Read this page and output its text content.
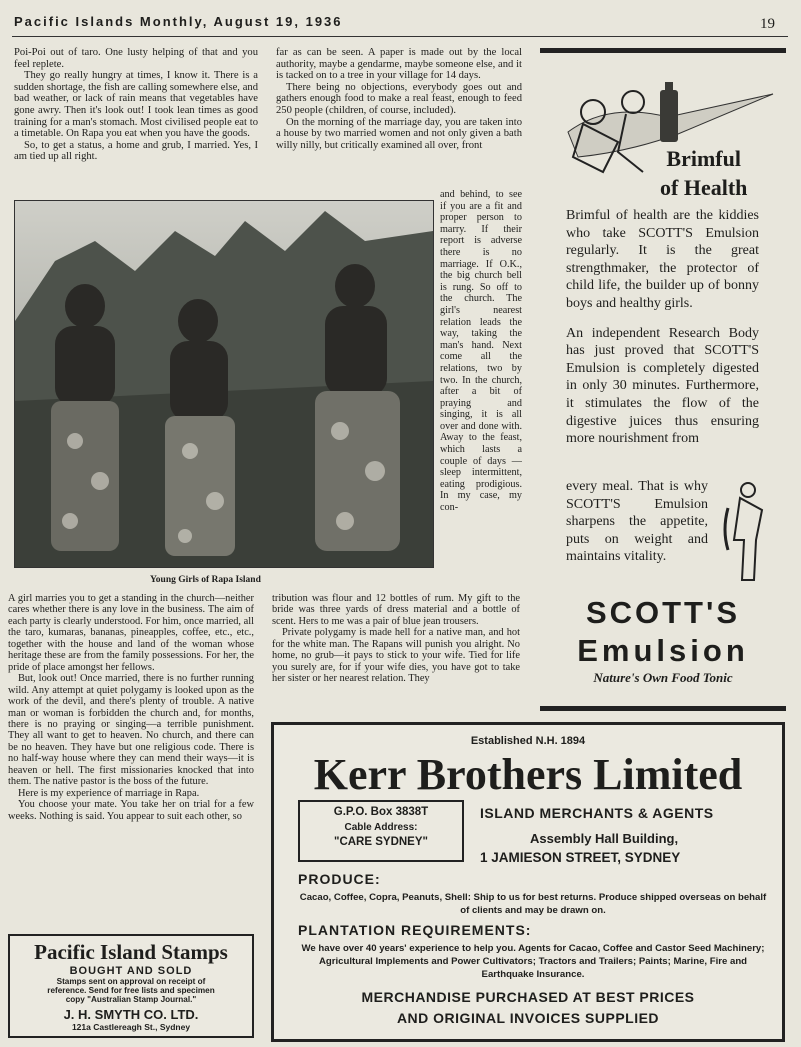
Pacific Islands Monthly, August 19, 1936	19

Poi-Poi out of taro. One lusty helping of that and you feel replete.

They go really hungry at times, I know it. There is a sudden shortage, the fish are calling somewhere else, and bad weather, or lack of rain means that vegetables have gone awry. Then it's look out! I took lean times as good training for a man's stomach. Most civilised people eat to a timetable. On Rapa you eat when you have the goods.

So, to get a status, a home and grub, I married. Yes, I am tied up all right.

far as can be seen. A paper is made out by the local authority, maybe a gendarme, maybe someone else, and it is tacked on to a tree in your village for 14 days.

There being no objections, everybody goes out and gathers enough food to make a real feast, enough to feed 250 people (children, of course, included).

On the morning of the marriage day, you are taken into a house by two married women and not only given a bath willy nilly, but critically examined all over, front

and behind, to see if you are a fit and proper person to marry. If their report is adverse there is no marriage. If O.K., the big church bell is rung. So off to the church. The girl's nearest relation leads the way, taking the man's hand. Next come all the relations, two by two. In the church, after a bit of praying and singing, it is all over and done with. Away to the feast, which lasts a couple of days — sleep intermittent, eating prodigious. In my case, my con-

Young Girls of Rapa Island

A girl marries you to get a standing in the church—neither cares whether there is any love in the business. The aim of each party is clearly understood. For him, once married, all the taro, kumaras, bananas, pineapples, coffee, etc., etc., together with the house and land of the woman whose heritage these are from the family possessions. For her, the pride of place amongst her fellows.

But, look out! Once married, there is no further running wild. Any attempt at quiet polygamy is looked upon as the work of the devil, and there's plenty of trouble. A native man or woman is forbidden the church and, for months, there is no praying or singing—a terrible punishment. They all want to get to heaven. No church, and there can be no heaven. They have but one religious code. There is no half-way house where they can mend their ways—it is heaven or hell. The first missionaries knocked that into them. The native pastor is the boss of the future.

Here is my experience of marriage in Rapa.

You choose your mate. You take her on trial for a few weeks. Nothing is said. You appear to suit each other, so

tribution was flour and 12 bottles of rum. My gift to the bride was three yards of dress material and a bottle of scent. Hers to me was a pair of blue jean trousers.

Private polygamy is made hell for a native man, and hot for the white man. The Rapans will punish you alright. No home, no grub—it pays to stick to your wife. Tied for life you surely are, for if your wife dies, you have got to take her sister or her nearest relation. They

Pacific Island Stamps
BOUGHT AND SOLD
Stamps sent on approval on receipt of
reference. Send for free lists and specimen
copy "Australian Stamp Journal."
J. H. SMYTH CO. LTD.
121a Castlereagh St., Sydney
Brimful
of Health

Brimful of health are the kiddies who take SCOTT'S Emulsion regularly. It is the great strengthmaker, the protector of child life, the builder up of bonny boys and healthy girls.

An independent Research Body has just proved that SCOTT'S Emulsion is completely digested in only 30 minutes. Furthermore, it stimulates the flow of the digestive juices thus ensuring more nourishment from

every meal. That is why SCOTT'S Emulsion sharpens the appetite, puts on weight and maintains vitality.

SCOTT'S
Emulsion
Nature's Own Food Tonic
Established N.H. 1894
Kerr Brothers Limited
G.P.O. Box 3838T
Cable Address:
"CARE SYDNEY"
ISLAND MERCHANTS & AGENTS
Assembly Hall Building,
1 JAMIESON STREET, SYDNEY
PRODUCE:
Cacao, Coffee, Copra, Peanuts, Shell: Ship to us for best returns. Produce shipped overseas on behalf of clients and may be drawn on.
PLANTATION REQUIREMENTS:
We have over 40 years' experience to help you. Agents for Cacao, Coffee and Castor Seed Machinery; Agricultural Implements and Power Cultivators; Tractors and Trailers; Paints; Marine, Fire and Earthquake Insurance.
MERCHANDISE PURCHASED AT BEST PRICES
AND ORIGINAL INVOICES SUPPLIED
